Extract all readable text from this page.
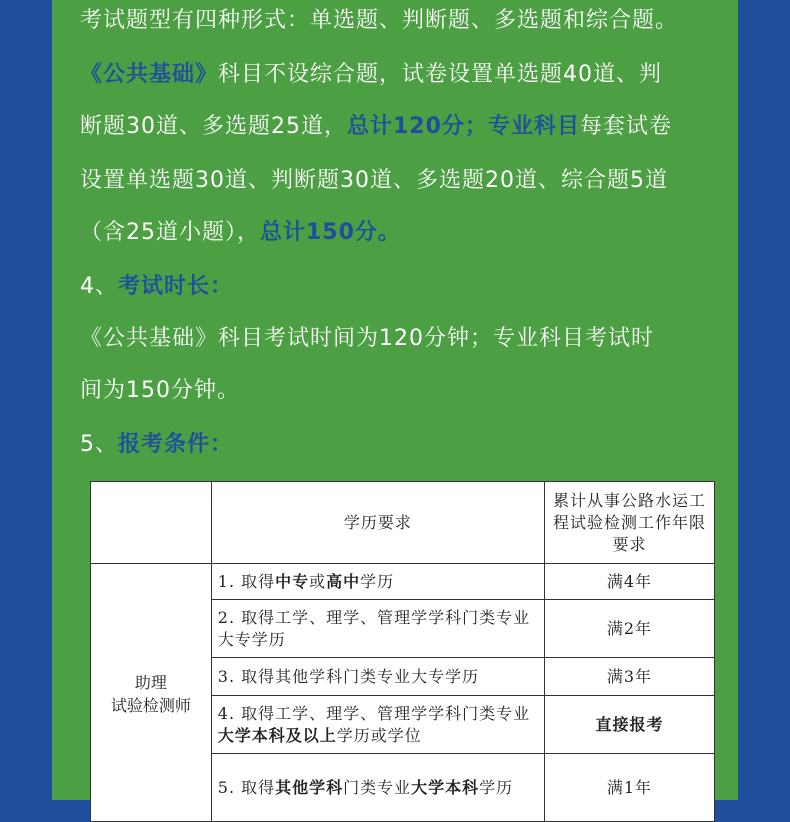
考试题型有四种形式：单选题、判断题、多选题和综合题。
《公共基础》科目不设综合题，试卷设置单选题40道、判
断题30道、多选题25道，总计120分；专业科目每套试卷
设置单选题30道、判断题30道、多选题20道、综合题5道
（含25道小题），总计150分。
4、考试时长：
《公共基础》科目考试时间为120分钟；专业科目考试时
间为150分钟。
5、报考条件：
	学历要求	累计从事公路水运工程试验检测工作年限要求

助理
试验检测师	1. 取得中专或高中学历	满4年
	2. 取得工学、理学、管理学学科门类专业大专学历	满2年
	3. 取得其他学科门类专业大专学历	满3年
	4. 取得工学、理学、管理学学科门类专业大学本科及以上学历或学位	直接报考
	5. 取得其他学科门类专业大学本科学历	满1年
